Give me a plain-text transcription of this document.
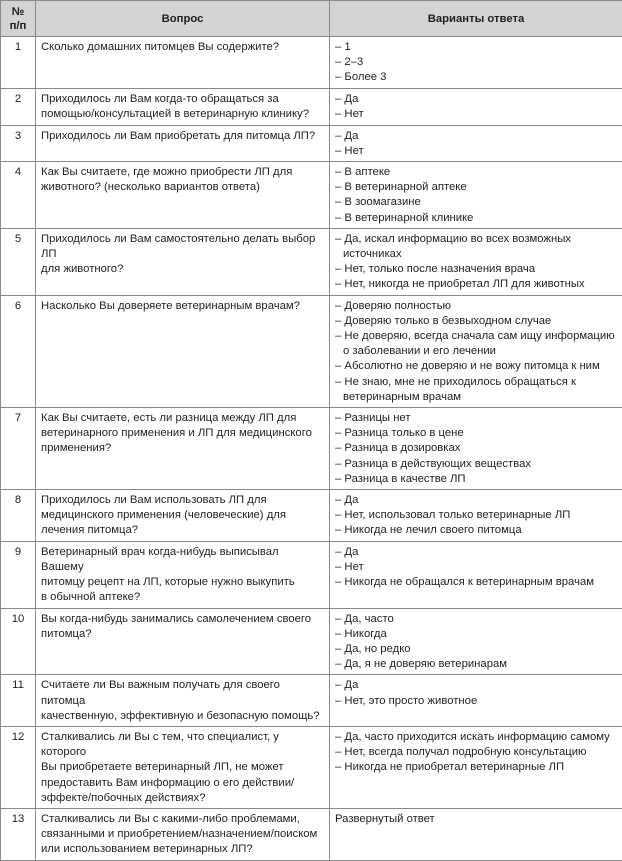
№
п/п	Вопрос	Варианты ответа
1	Сколько домашних питомцев Вы содержите?	– 1
– 2–3
– Более 3

2	Приходилось ли Вам когда-то обращаться за
помощью/консультацией в ветеринарную клинику?	– Да
– Нет

3	Приходилось ли Вам приобретать для питомца ЛП?	– Да
– Нет

4	Как Вы считаете, где можно приобрести ЛП для
животного? (несколько вариантов ответа)	– В аптеке
– В ветеринарной аптеке
– В зоомагазине
– В ветеринарной клинике

5	Приходилось ли Вам самостоятельно делать выбор ЛП
для животного?	– Да, искал информацию во всех возможных источниках
– Нет, только после назначения врача
– Нет, никогда не приобретал ЛП для животных

6	Насколько Вы доверяете ветеринарным врачам?	– Доверяю полностью
– Доверяю только в безвыходном случае
– Не доверяю, всегда сначала сам ищу информацию о заболевании и его лечении
– Абсолютно не доверяю и не вожу питомца к ним
– Не знаю, мне не приходилось обращаться к ветеринарным врачам

7	Как Вы считаете, есть ли разница между ЛП для
ветеринарного применения и ЛП для медицинского
применения?	– Разницы нет
– Разница только в цене
– Разница в дозировках
– Разница в действующих веществах
– Разница в качестве ЛП

8	Приходилось ли Вам использовать ЛП для
медицинского применения (человеческие) для
лечения питомца?	– Да
– Нет, использовал только ветеринарные ЛП
– Никогда не лечил своего питомца

9	Ветеринарный врач когда-нибудь выписывал Вашему
питомцу рецепт на ЛП, которые нужно выкупить
в обычной аптеке?	– Да
– Нет
– Никогда не обращался к ветеринарным врачам

10	Вы когда-нибудь занимались самолечением своего
питомца?	– Да, часто
– Никогда
– Да, но редко
– Да, я не доверяю ветеринарам

11	Считаете ли Вы важным получать для своего питомца
качественную, эффективную и безопасную помощь?	– Да
– Нет, это просто животное

12	Сталкивались ли Вы с тем, что специалист, у которого
Вы приобретаете ветеринарный ЛП, не может
предоставить Вам информацию о его действии/
эффекте/побочных действиях?	– Да, часто приходится искать информацию самому
– Нет, всегда получал подробную консультацию
– Никогда не приобретал ветеринарные ЛП

13	Сталкивались ли Вы с какими-либо проблемами,
связанными и приобретением/назначением/поиском
или использованием ветеринарных ЛП?	Развернутый ответ
